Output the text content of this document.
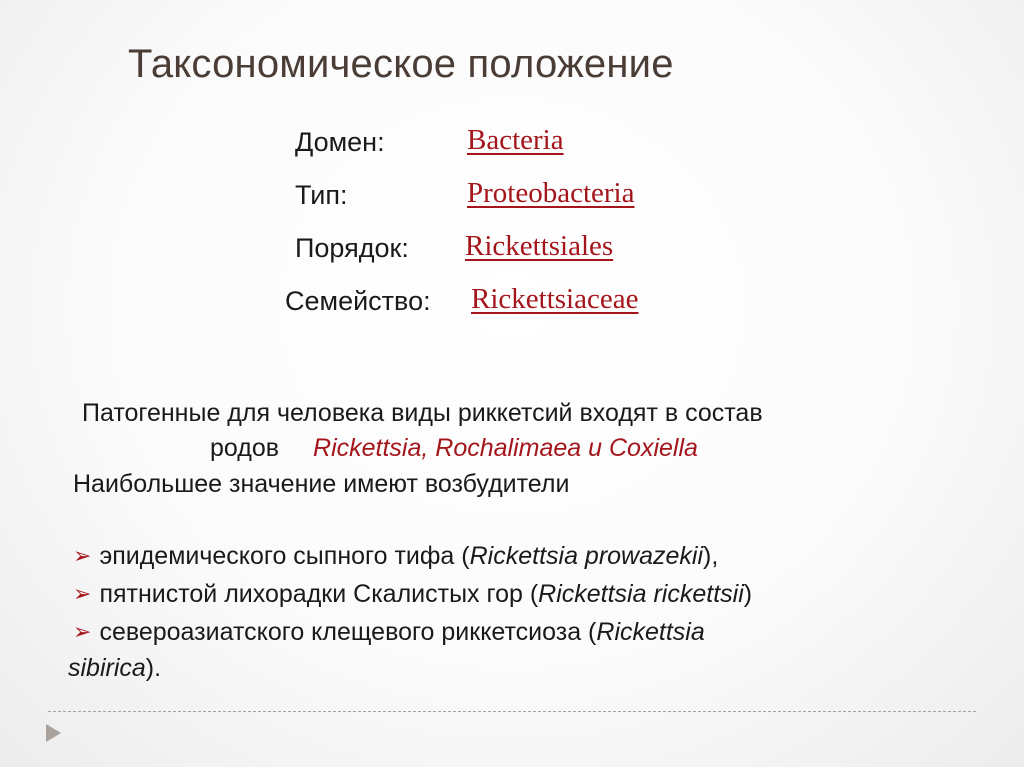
Таксономическое положение
Домен:	Bacteria
Тип:	Proteobacteria
Порядок: Rickettsiales
Семейство: Rickettsiaceae
Патогенные для человека виды риккетсий входят в состав
родов Rickettsia, Rochalimaea и Coxiella
Наибольшее значение имеют возбудители
➢ эпидемического сыпного тифа (Rickettsia prowazekii),
➢ пятнистой лихорадки Скалистых гор (Rickettsia rickettsii)
➢ североазиатского клещевого риккетсиоза (Rickettsia
sibirica).
